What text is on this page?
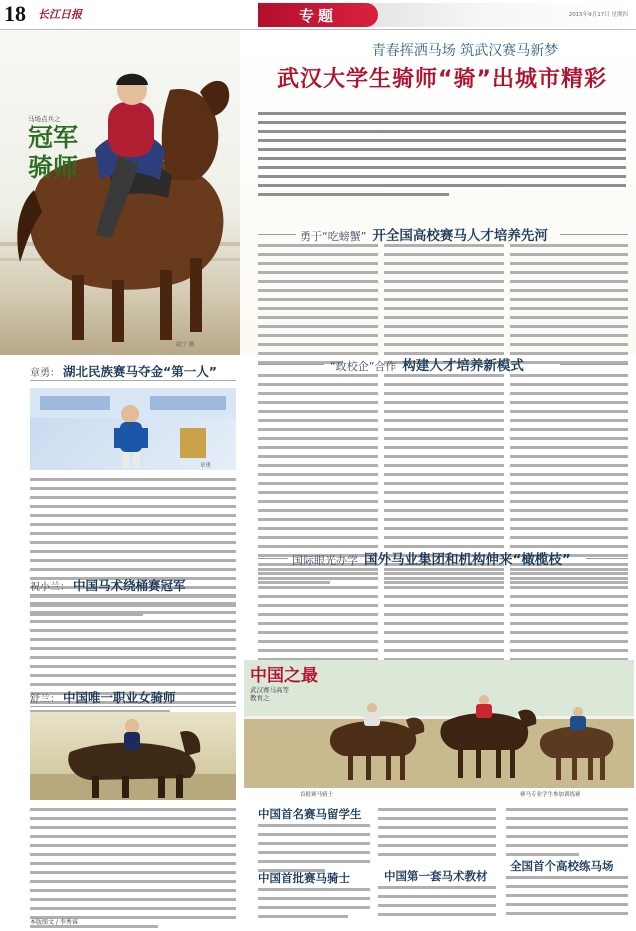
18 长江日报	专题	2015年9月17日 星期四
马场点兵之
冠军骑师
赵宁 摄
青春挥洒马场 筑武汉赛马新梦
武汉大学生骑师“骑”出城市精彩
勇于“吃螃蟹” 开全国高校赛马人才培养先河
“政校企”合作 构建人才培养新模式
国际眼光办学 国外马业集团和机构伸来“橄榄枝”
章勇： 湖北民族赛马夺金“第一人”
章勇
祝小兰： 中国马术绕桶赛冠军
舒兰： 中国唯一职业女骑师
本版图文 / 李秀睿
中国之最
武汉赛马高等教育之
首批赛马骑士	赛马专业学生参加训练赛
中国首名赛马留学生
中国首批赛马骑士	中国第一套马术教材
全国首个高校练马场
